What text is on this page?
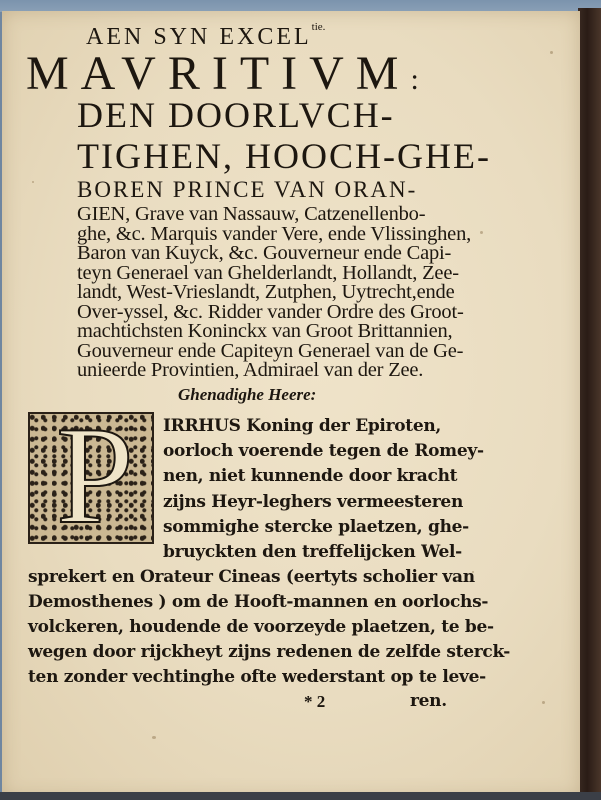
AEN SYN $EXCEL^{tie.}$
MAVRITIVM:
DEN DOORLVCH-
TIGHEN, HOOCH-GHE-
BOREN PRINCE VAN ORAN-
GIEN, Grave van Nassauw, Catzenellenbo-
ghe, &c. Marquis vander Vere, ende Vlissinghen,
Baron van Kuyck, &c. Gouverneur ende Capi-
teyn Generael van Ghelderlandt, Hollandt, Zee-
landt, West-Vrieslandt, Zutphen, Uytrecht,ende
Over-yssel, &c. Ridder vander Ordre des Groot-
machtichsten Koninckx van Groot Brittannien,
Gouverneur ende Capiteyn Generael van de Ge-
unieerde Provintien, Admirael van der Zee.
Ghenadighe Heere:
P IRRHUS Koning der Epiroten,
oorloch voerende tegen de Romey-
nen, niet kunnende door kracht
zijns Heyr-leghers vermeesteren
sommighe stercke plaetzen, ghe-
bruyckten den treffelijcken Wel-
sprekert en Orateur Cineas (eertyts scholier van
Demosthenes ) om de Hooft-mannen en oorlochs-
volckeren, houdende de voorzeyde plaetzen, te be-
wegen door rijckheyt zijns redenen de zelfde sterck-
ten zonder vechtinghe ofte wederstant op te leve-
* 2	ren.
